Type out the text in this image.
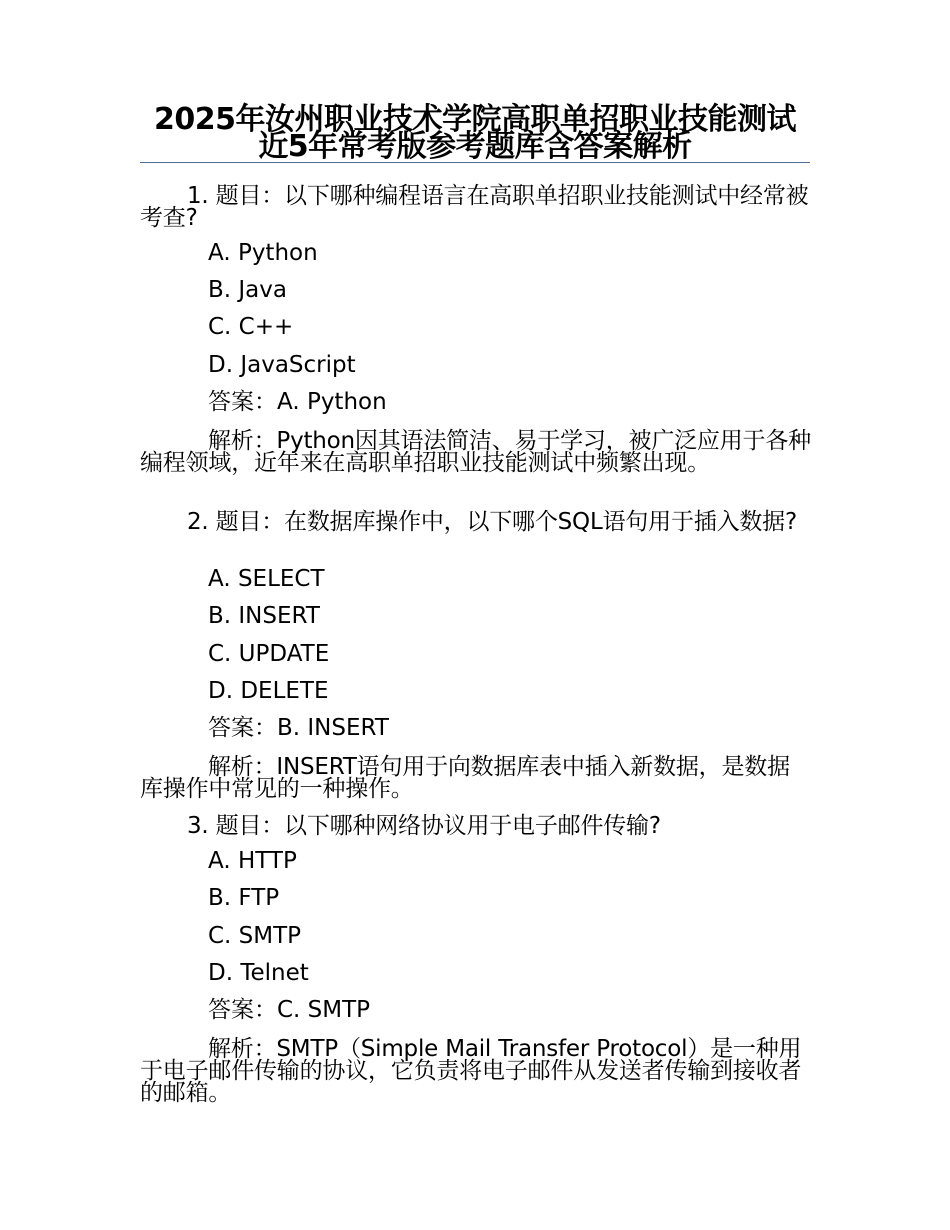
2025年汝州职业技术学院高职单招职业技能测试近5年常考版参考题库含答案解析

1. 题目：以下哪种编程语言在高职单招职业技能测试中经常被考查?

A. Python

B. Java

C. C++

D. JavaScript

答案：A. Python

解析：Python因其语法简洁、易于学习，被广泛应用于各种编程领域，近年来在高职单招职业技能测试中频繁出现。

2. 题目：在数据库操作中，以下哪个SQL语句用于插入数据?

A. SELECT

B. INSERT

C. UPDATE

D. DELETE

答案：B. INSERT

解析：INSERT语句用于向数据库表中插入新数据，是数据库操作中常见的一种操作。

3. 题目：以下哪种网络协议用于电子邮件传输?

A. HTTP

B. FTP

C. SMTP

D. Telnet

答案：C. SMTP

解析：SMTP（Simple Mail Transfer Protocol）是一种用于电子邮件传输的协议，它负责将电子邮件从发送者传输到接收者的邮箱。
